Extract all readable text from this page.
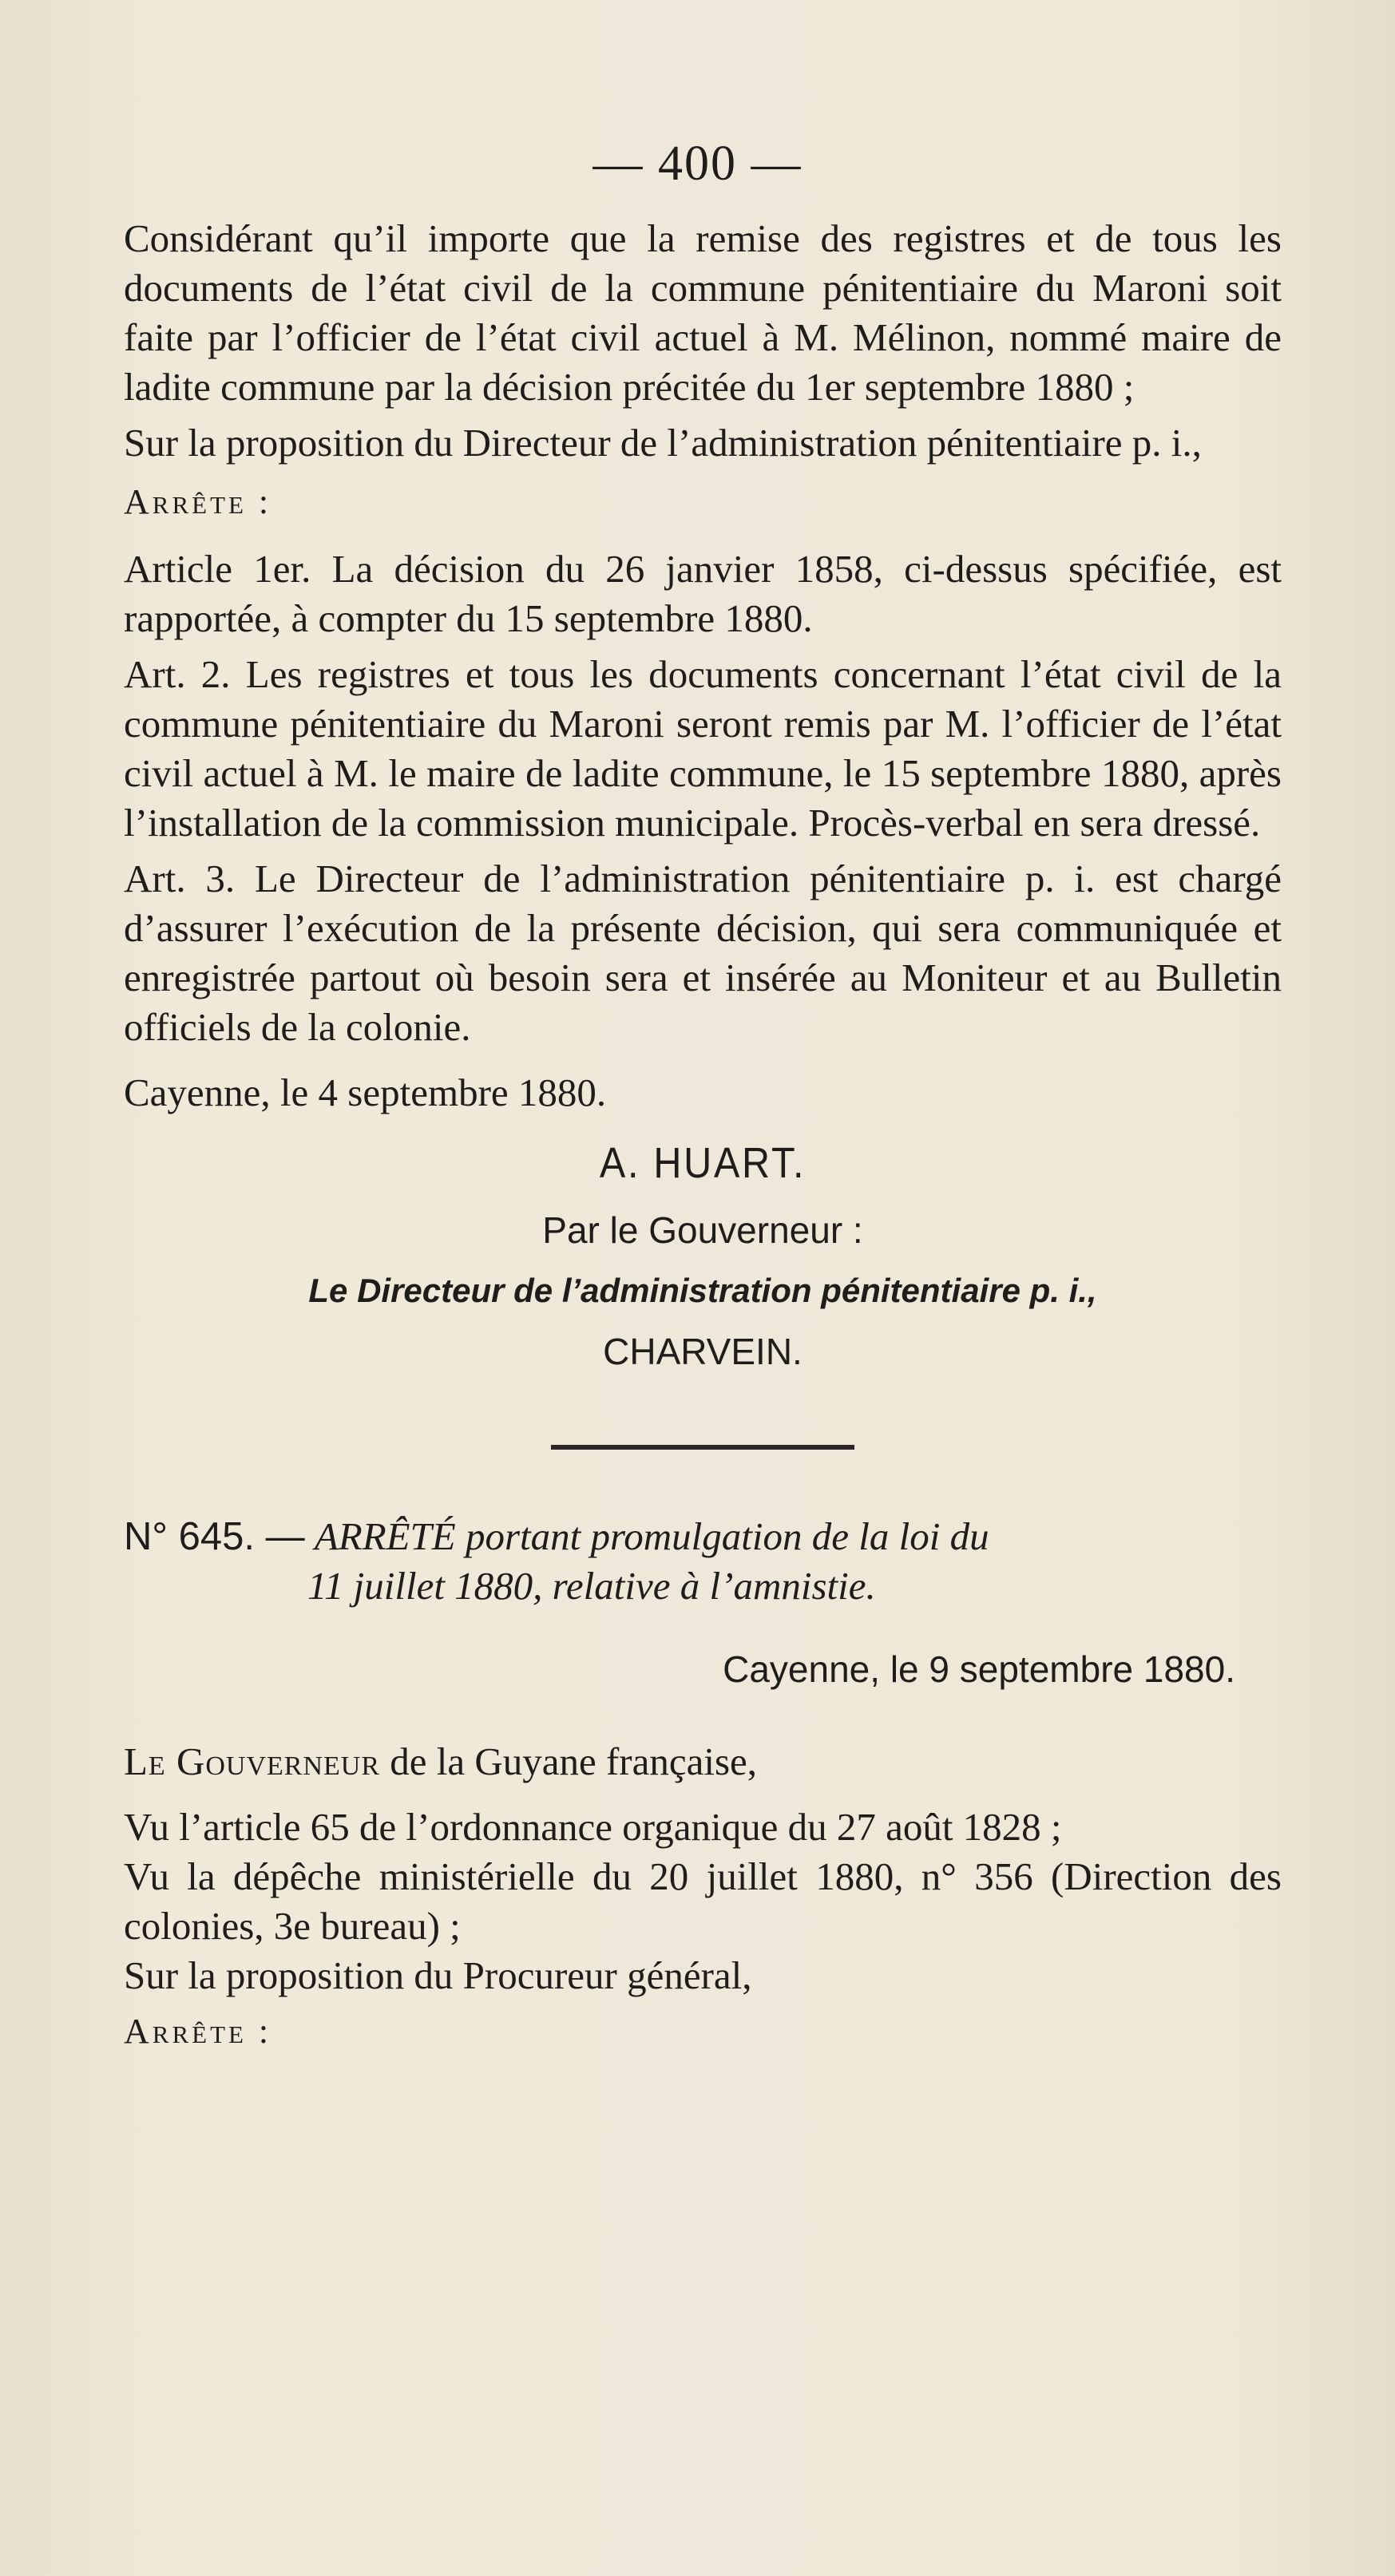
— 400 —

Considérant qu’il importe que la remise des registres et de tous les documents de l’état civil de la commune pénitentiaire du Maroni soit faite par l’officier de l’état civil actuel à M. Mélinon, nommé maire de ladite commune par la décision précitée du 1er septembre 1880 ;

Sur la proposition du Directeur de l’administration pénitentiaire p. i.,

Arrête :

Article 1er. La décision du 26 janvier 1858, ci-dessus spécifiée, est rapportée, à compter du 15 septembre 1880.

Art. 2. Les registres et tous les documents concernant l’état civil de la commune pénitentiaire du Maroni seront remis par M. l’officier de l’état civil actuel à M. le maire de ladite commune, le 15 septembre 1880, après l’installation de la commission municipale. Procès-verbal en sera dressé.

Art. 3. Le Directeur de l’administration pénitentiaire p. i. est chargé d’assurer l’exécution de la présente décision, qui sera communiquée et enregistrée partout où besoin sera et insérée au Moniteur et au Bulletin officiels de la colonie.

Cayenne, le 4 septembre 1880.

A. HUART.
Par le Gouverneur :
Le Directeur de l’administration pénitentiaire p. i.,
CHARVEIN.

N° 645. — ARRÊTÉ portant promulgation de la loi du
11 juillet 1880, relative à l’amnistie.

Cayenne, le 9 septembre 1880.

Le Gouverneur de la Guyane française,

Vu l’article 65 de l’ordonnance organique du 27 août 1828 ;

Vu la dépêche ministérielle du 20 juillet 1880, n° 356 (Direction des colonies, 3e bureau) ;

Sur la proposition du Procureur général,

Arrête :
